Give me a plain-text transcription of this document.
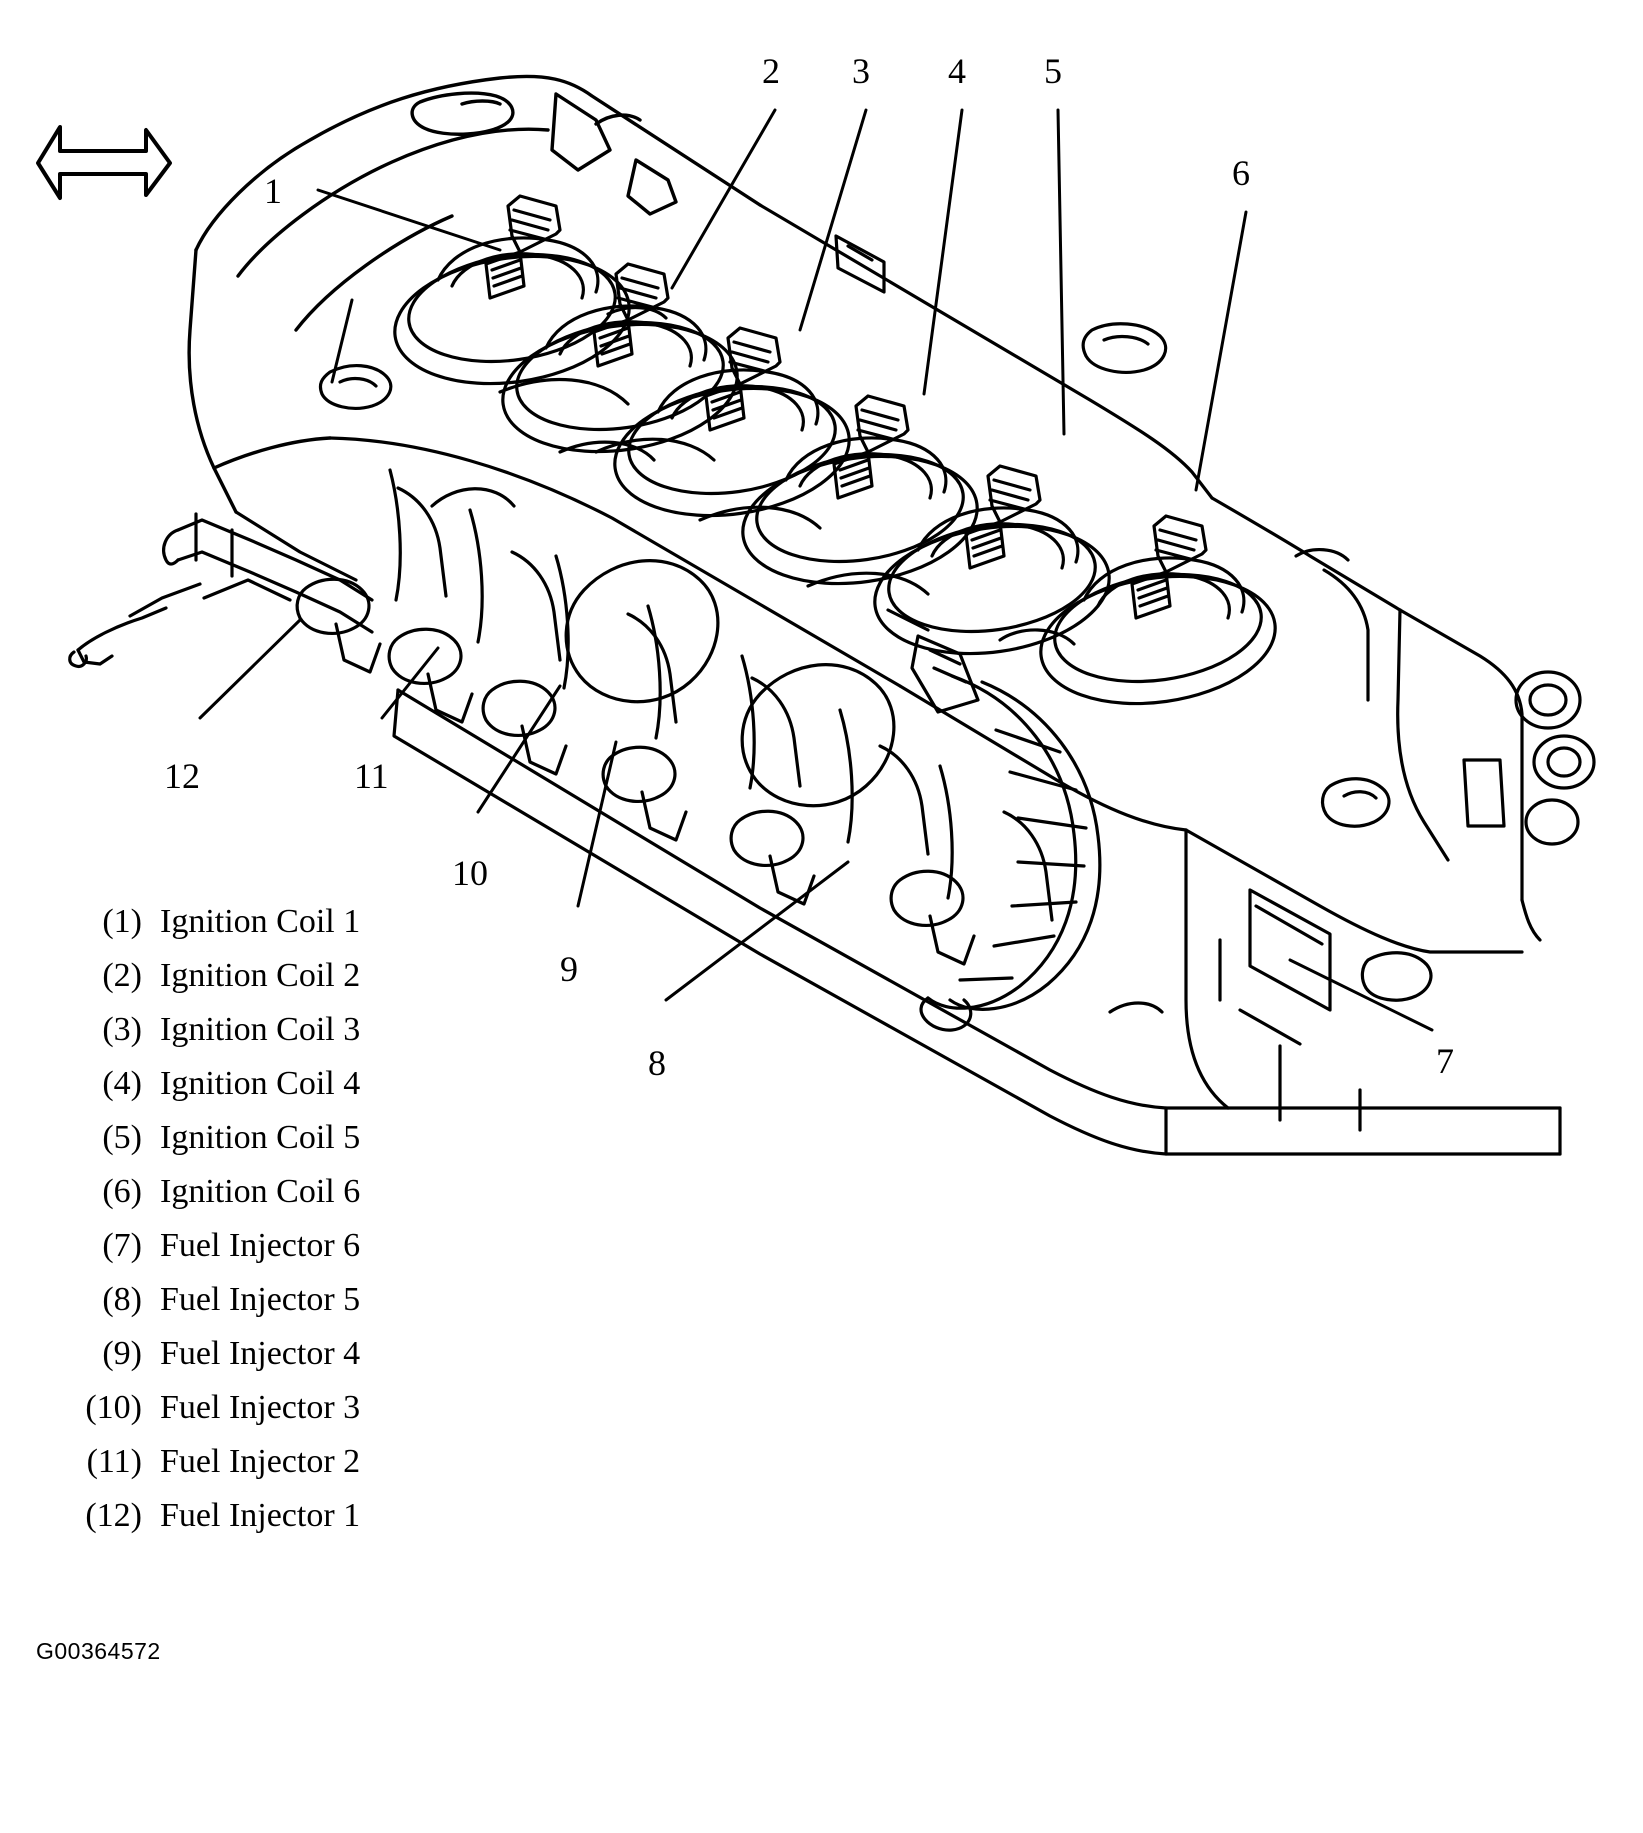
1
2 3 4 5
6
7
8
9
10
11
12
(1) Ignition Coil 1
(2) Ignition Coil 2
(3) Ignition Coil 3
(4) Ignition Coil 4
(5) Ignition Coil 5
(6) Ignition Coil 6
(7) Fuel Injector 6
(8) Fuel Injector 5
(9) Fuel Injector 4
(10) Fuel Injector 3
(11) Fuel Injector 2
(12) Fuel Injector 1
G00364572
